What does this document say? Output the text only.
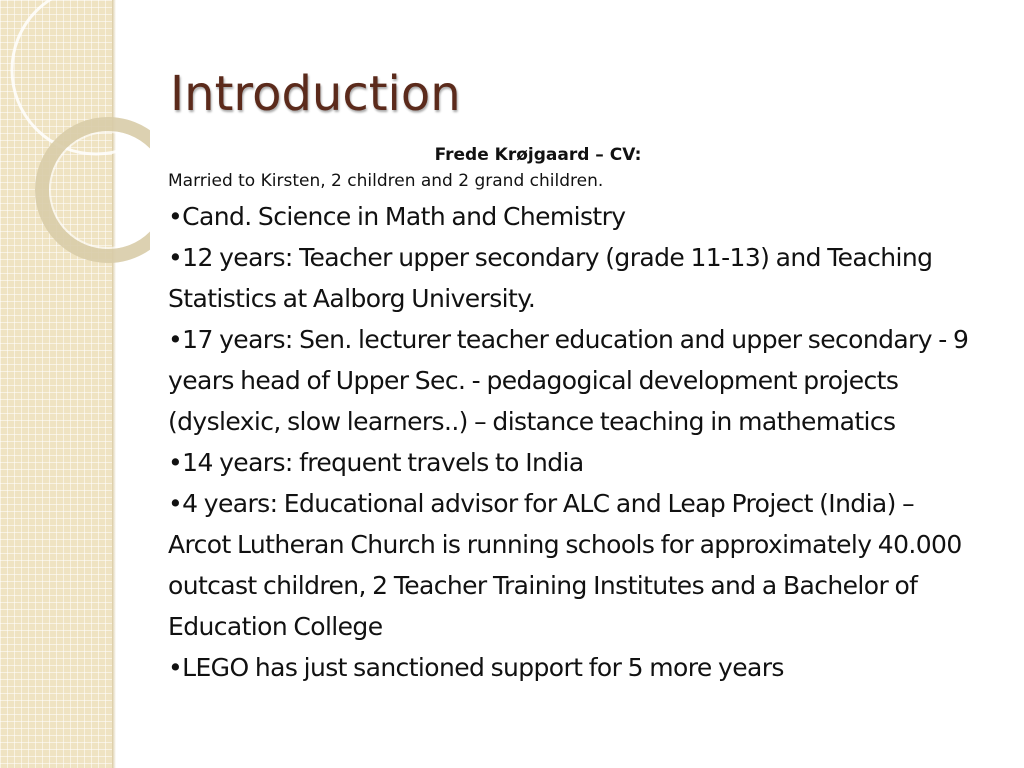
Introduction
Frede Krøjgaard – CV:
Married to Kirsten, 2 children and 2 grand children.
•Cand. Science in Math and Chemistry
•12 years: Teacher upper secondary (grade 11-13) and Teaching Statistics at Aalborg University.
•17 years: Sen. lecturer teacher education and upper secondary - 9 years head of Upper Sec. - pedagogical development projects (dyslexic, slow learners..) – distance teaching in mathematics
•14 years: frequent travels to India
•4 years: Educational advisor for ALC and Leap Project (India) – Arcot Lutheran Church is running schools for approximately 40.000 outcast children, 2 Teacher Training Institutes and a Bachelor of Education College
•LEGO has just sanctioned support for 5 more years
